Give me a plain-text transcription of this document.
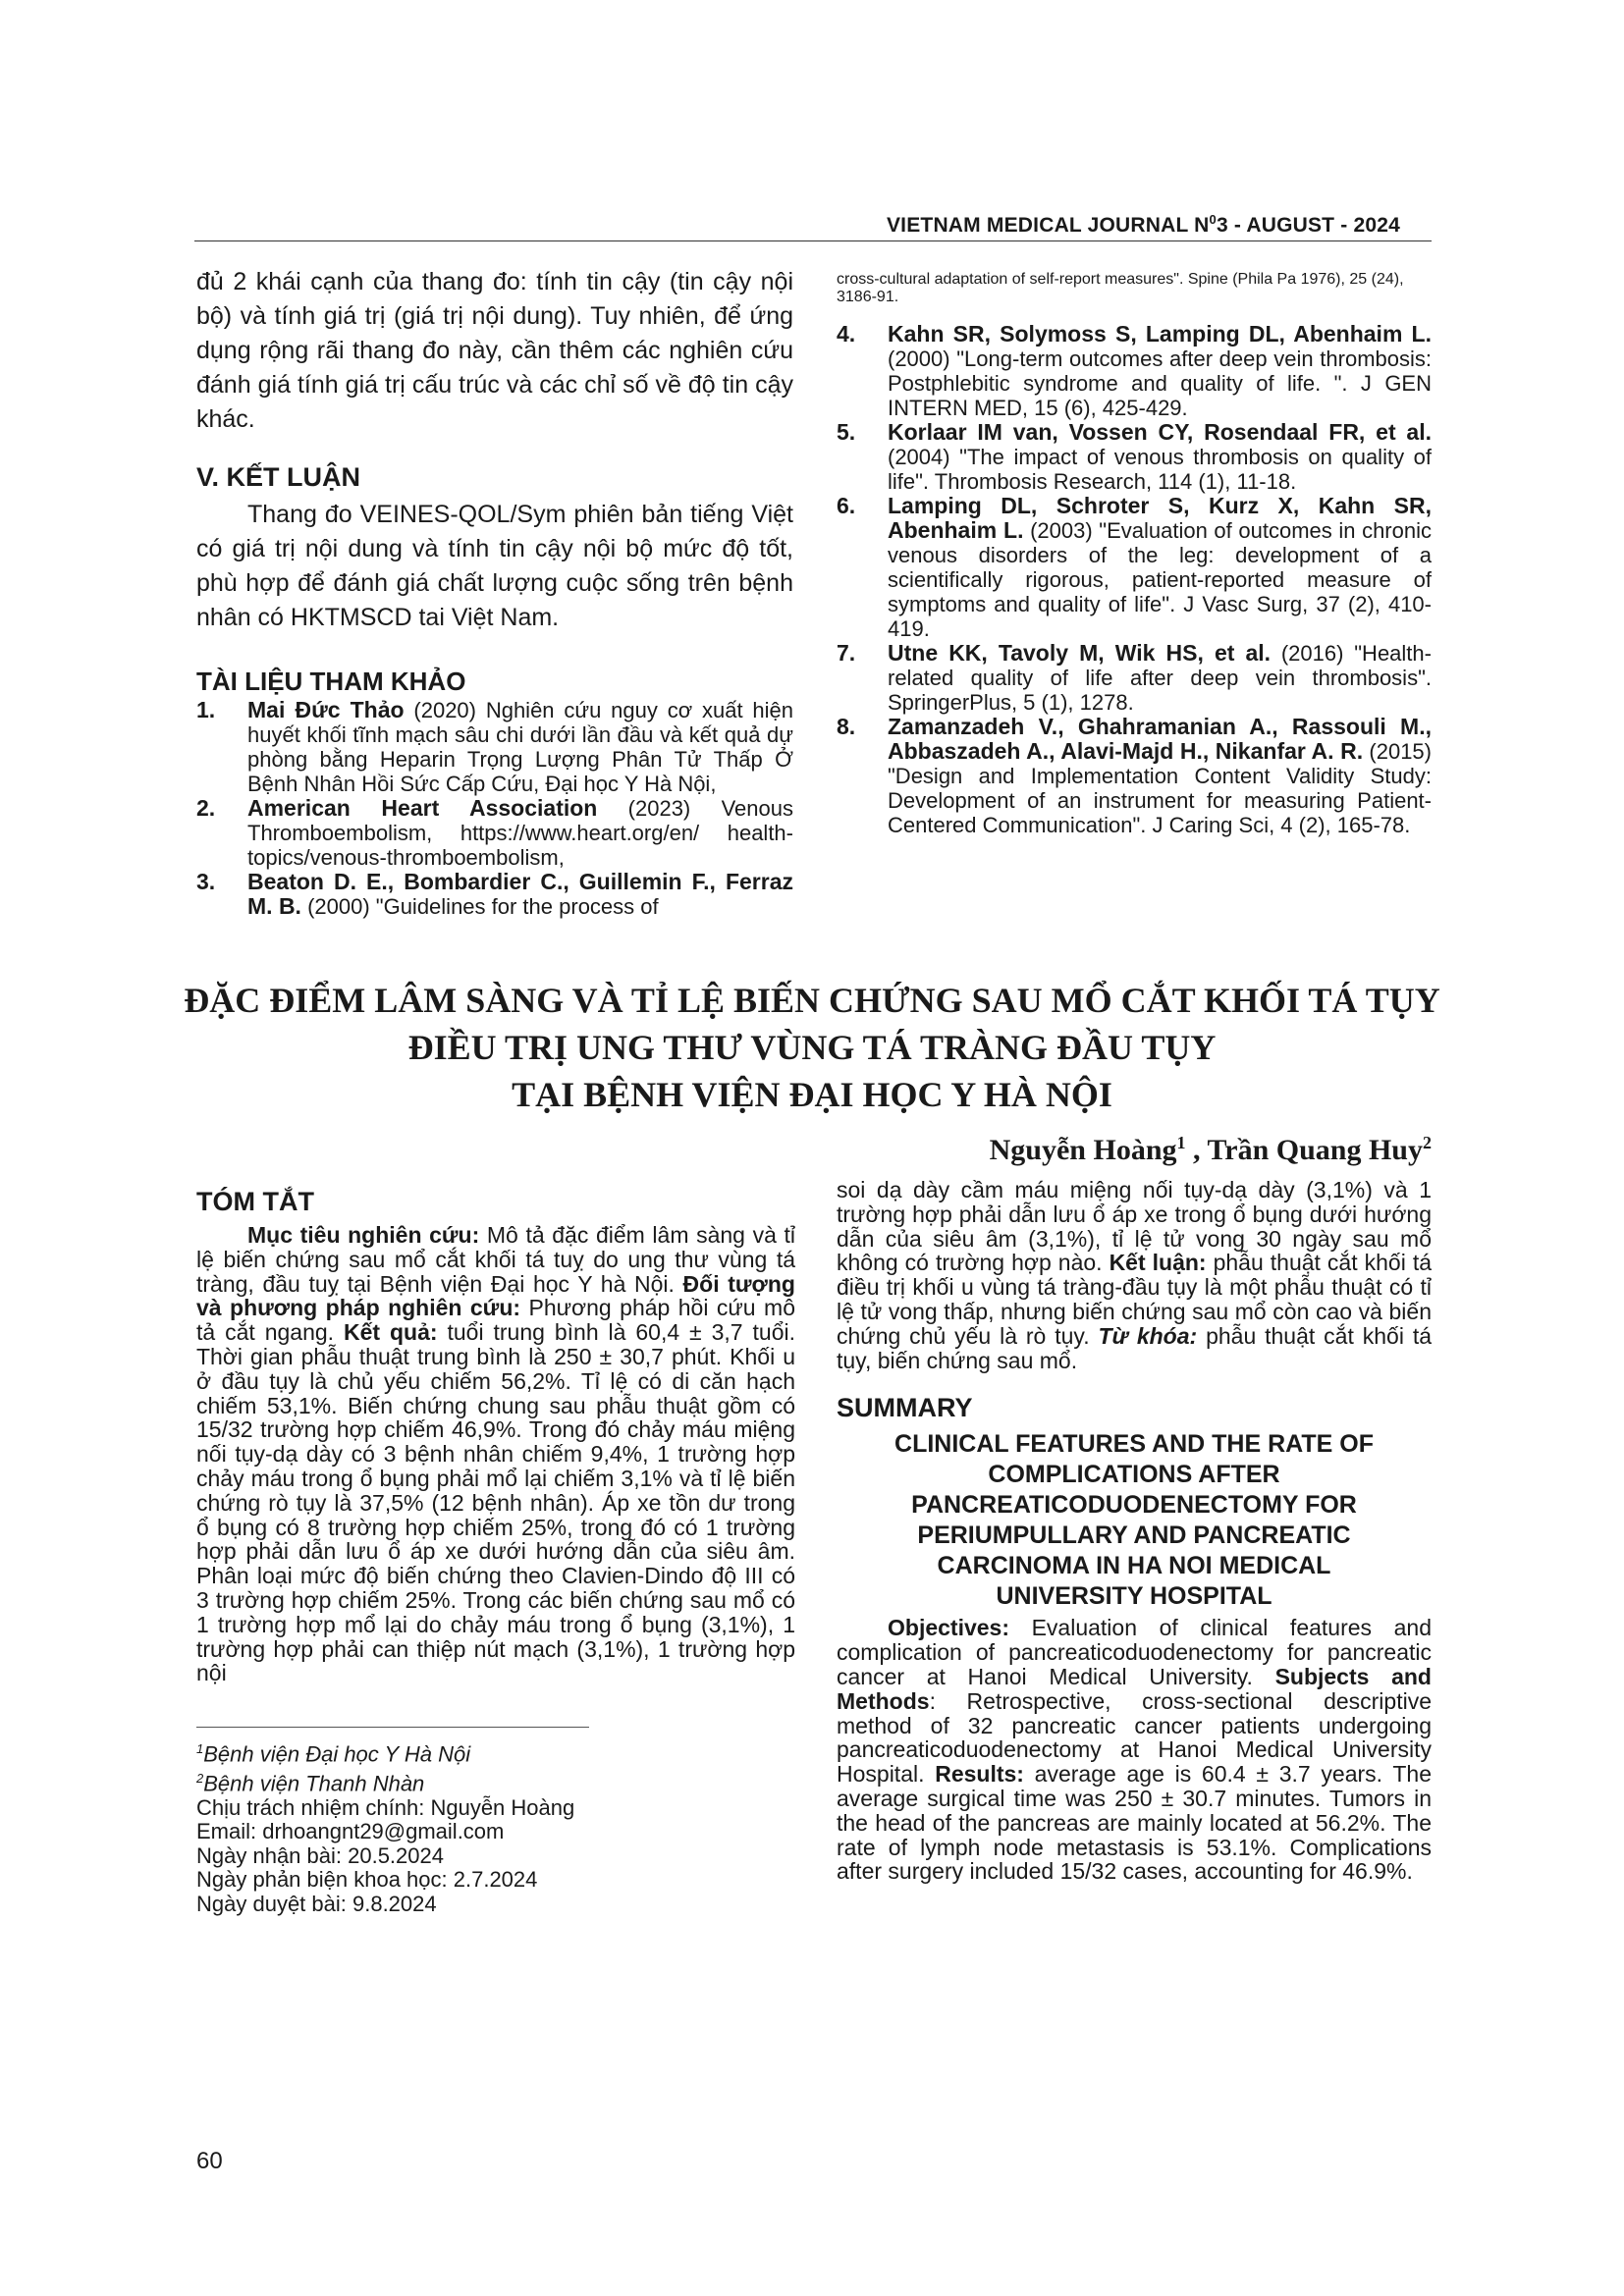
VIETNAM MEDICAL JOURNAL $N^03$ - AUGUST - 2024

đủ 2 khái cạnh của thang đo: tính tin cậy (tin cậy nội bộ) và tính giá trị (giá trị nội dung). Tuy nhiên, để ứng dụng rộng rãi thang đo này, cần thêm các nghiên cứu đánh giá tính giá trị cấu trúc và các chỉ số về độ tin cậy khác.

V. KẾT LUẬN

Thang đo VEINES-QOL/Sym phiên bản tiếng Việt có giá trị nội dung và tính tin cậy nội bộ mức độ tốt, phù hợp để đánh giá chất lượng cuộc sống trên bệnh nhân có HKTMSCD tai Việt Nam.

TÀI LIỆU THAM KHẢO
1. Mai Đức Thảo (2020) Nghiên cứu nguy cơ xuất hiện huyết khối tĩnh mạch sâu chi dưới lần đầu và kết quả dự phòng bằng Heparin Trọng Lượng Phân Tử Thấp Ở Bệnh Nhân Hồi Sức Cấp Cứu, Đại học Y Hà Nội,
2. American Heart Association (2023) Venous Thromboembolism, https://www.heart.org/en/ health-topics/venous-thromboembolism,
3. Beaton D. E., Bombardier C., Guillemin F., Ferraz M. B. (2000) "Guidelines for the process of

cross-cultural adaptation of self-report measures". Spine (Phila Pa 1976), 25 (24), 3186-91.

4. Kahn SR, Solymoss S, Lamping DL, Abenhaim L. (2000) "Long-term outcomes after deep vein thrombosis: Postphlebitic syndrome and quality of life. ". J GEN INTERN MED, 15 (6), 425-429.
5. Korlaar IM van, Vossen CY, Rosendaal FR, et al. (2004) "The impact of venous thrombosis on quality of life". Thrombosis Research, 114 (1), 11-18.
6. Lamping DL, Schroter S, Kurz X, Kahn SR, Abenhaim L. (2003) "Evaluation of outcomes in chronic venous disorders of the leg: development of a scientifically rigorous, patient-reported measure of symptoms and quality of life". J Vasc Surg, 37 (2), 410-419.
7. Utne KK, Tavoly M, Wik HS, et al. (2016) "Health-related quality of life after deep vein thrombosis". SpringerPlus, 5 (1), 1278.
8. Zamanzadeh V., Ghahramanian A., Rassouli M., Abbaszadeh A., Alavi-Majd H., Nikanfar A. R. (2015) "Design and Implementation Content Validity Study: Development of an instrument for measuring Patient-Centered Communication". J Caring Sci, 4 (2), 165-78.
ĐẶC ĐIỂM LÂM SÀNG VÀ TỈ LỆ BIẾN CHỨNG SAU MỔ CẮT KHỐI TÁ TỤY
ĐIỀU TRỊ UNG THƯ VÙNG TÁ TRÀNG ĐẦU TỤY
TẠI BỆNH VIỆN ĐẠI HỌC Y HÀ NỘI
Nguyễn Hoàng$^1$ , Trần Quang Huy$^2$
TÓM TẮT

Mục tiêu nghiên cứu: Mô tả đặc điểm lâm sàng và tỉ lệ biến chứng sau mổ cắt khối tá tuỵ do ung thư vùng tá tràng, đầu tuỵ tại Bệnh viện Đại học Y hà Nội. Đối tượng và phương pháp nghiên cứu: Phương pháp hồi cứu mô tả cắt ngang. Kết quả: tuổi trung bình là 60,4 ± 3,7 tuổi. Thời gian phẫu thuật trung bình là 250 ± 30,7 phút. Khối u ở đầu tụy là chủ yếu chiếm 56,2%. Tỉ lệ có di căn hạch chiếm 53,1%. Biến chứng chung sau phẫu thuật gồm có 15/32 trường hợp chiếm 46,9%. Trong đó chảy máu miệng nối tụy-dạ dày có 3 bệnh nhân chiếm 9,4%, 1 trường hợp chảy máu trong ổ bụng phải mổ lại chiếm 3,1% và tỉ lệ biến chứng rò tụy là 37,5% (12 bệnh nhân). Áp xe tồn dư trong ổ bụng có 8 trường hợp chiếm 25%, trong đó có 1 trường hợp phải dẫn lưu ổ áp xe dưới hướng dẫn của siêu âm. Phân loại mức độ biến chứng theo Clavien-Dindo độ III có 3 trường hợp chiếm 25%. Trong các biến chứng sau mổ có 1 trường hợp mổ lại do chảy máu trong ổ bụng (3,1%), 1 trường hợp phải can thiệp nút mạch (3,1%), 1 trường hợp nội

$^1$Bệnh viện Đại học Y Hà Nội

$^2$Bệnh viện Thanh Nhàn

Chịu trách nhiệm chính: Nguyễn Hoàng

Email: drhoangnt29@gmail.com

Ngày nhận bài: 20.5.2024

Ngày phản biện khoa học: 2.7.2024

Ngày duyệt bài: 9.8.2024

soi dạ dày cầm máu miệng nối tụy-dạ dày (3,1%) và 1 trường hợp phải dẫn lưu ổ áp xe trong ổ bụng dưới hướng dẫn của siêu âm (3,1%), tỉ lệ tử vong 30 ngày sau mổ không có trường hợp nào. Kết luận: phẫu thuật cắt khối tá điều trị khối u vùng tá tràng-đầu tụy là một phẫu thuật có tỉ lệ tử vong thấp, nhưng biến chứng sau mổ còn cao và biến chứng chủ yếu là rò tụy. Từ khóa: phẫu thuật cắt khối tá tụy, biến chứng sau mổ.

SUMMARY
CLINICAL FEATURES AND THE RATE OF
COMPLICATIONS AFTER
PANCREATICODUODENECTOMY FOR
PERIUMPULLARY AND PANCREATIC
CARCINOMA IN HA NOI MEDICAL
UNIVERSITY HOSPITAL

Objectives: Evaluation of clinical features and complication of pancreaticoduodenectomy for pancreatic cancer at Hanoi Medical University. Subjects and Methods: Retrospective, cross-sectional descriptive method of 32 pancreatic cancer patients undergoing pancreaticoduodenectomy at Hanoi Medical University Hospital. Results: average age is 60.4 ± 3.7 years. The average surgical time was 250 ± 30.7 minutes. Tumors in the head of the pancreas are mainly located at 56.2%. The rate of lymph node metastasis is 53.1%. Complications after surgery included 15/32 cases, accounting for 46.9%.

60
